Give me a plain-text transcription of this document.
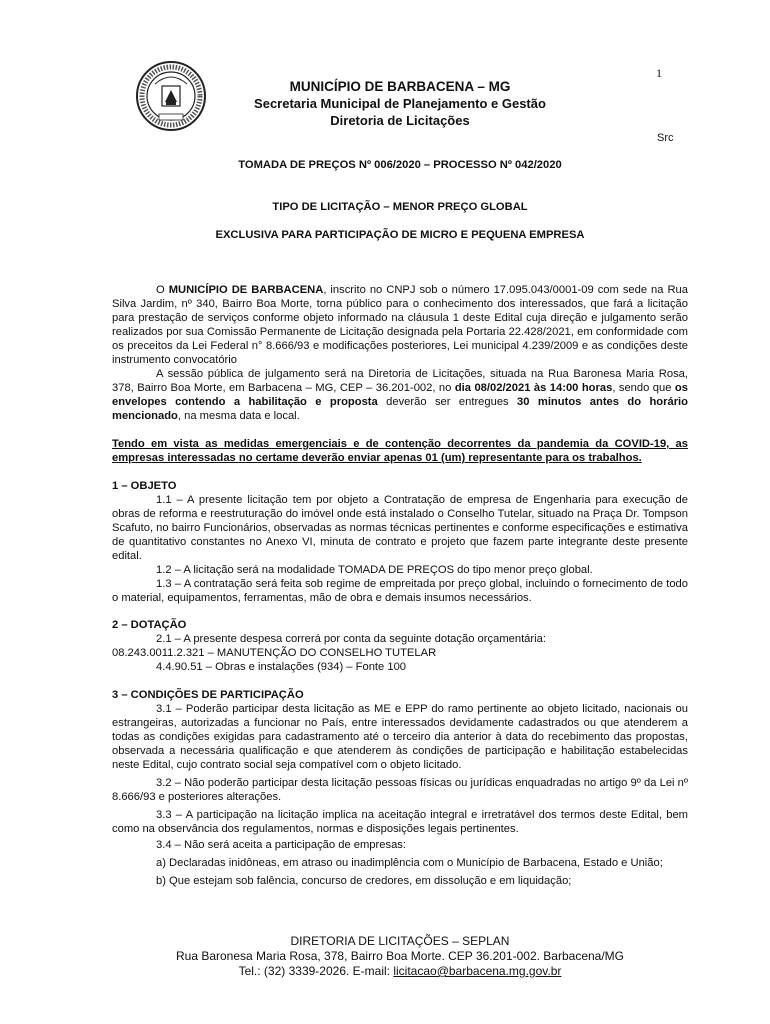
1
MUNICÍPIO DE BARBACENA – MG
Secretaria Municipal de Planejamento e Gestão
Diretoria de Licitações
Src
TOMADA DE PREÇOS Nº 006/2020 – PROCESSO Nº 042/2020
TIPO DE LICITAÇÃO – MENOR PREÇO GLOBAL
EXCLUSIVA PARA PARTICIPAÇÃO DE MICRO E PEQUENA EMPRESA

O MUNICÍPIO DE BARBACENA, inscrito no CNPJ sob o número 17.095.043/0001-09 com sede na Rua Silva Jardim, nº 340, Bairro Boa Morte, torna público para o conhecimento dos interessados, que fará a licitação para prestação de serviços conforme objeto informado na cláusula 1 deste Edital cuja direção e julgamento serão realizados por sua Comissão Permanente de Licitação designada pela Portaria 22.428/2021, em conformidade com os preceitos da Lei Federal n° 8.666/93 e modificações posteriores, Lei municipal 4.239/2009 e as condições deste instrumento convocatório

A sessão pública de julgamento será na Diretoria de Licitações, situada na Rua Baronesa Maria Rosa, 378, Bairro Boa Morte, em Barbacena – MG, CEP – 36.201-002, no dia 08/02/2021 às 14:00 horas, sendo que os envelopes contendo a habilitação e proposta deverão ser entregues 30 minutos antes do horário mencionado, na mesma data e local.

Tendo em vista as medidas emergenciais e de contenção decorrentes da pandemia da COVID-19, as empresas interessadas no certame deverão enviar apenas 01 (um) representante para os trabalhos.

1 – OBJETO

1.1 – A presente licitação tem por objeto a Contratação de empresa de Engenharia para execução de obras de reforma e reestruturação do imóvel onde está instalado o Conselho Tutelar, situado na Praça Dr. Tompson Scafuto, no bairro Funcionários, observadas as normas técnicas pertinentes e conforme especificações e estimativa de quantitativo constantes no Anexo VI, minuta de contrato e projeto que fazem parte integrante deste presente edital.

1.2 – A licitação será na modalidade TOMADA DE PREÇOS do tipo menor preço global.

1.3 – A contratação será feita sob regime de empreitada por preço global, incluindo o fornecimento de todo o material, equipamentos, ferramentas, mão de obra e demais insumos necessários.

2 – DOTAÇÃO

2.1 – A presente despesa correrá por conta da seguinte dotação orçamentária:

08.243.0011.2.321 – MANUTENÇÃO DO CONSELHO TUTELAR

4.4.90.51 – Obras e instalações (934) – Fonte 100

3 – CONDIÇÕES DE PARTICIPAÇÃO

3.1 – Poderão participar desta licitação as ME e EPP do ramo pertinente ao objeto licitado, nacionais ou estrangeiras, autorizadas a funcionar no País, entre interessados devidamente cadastrados ou que atenderem a todas as condições exigidas para cadastramento até o terceiro dia anterior à data do recebimento das propostas, observada a necessária qualificação e que atenderem às condições de participação e habilitação estabelecidas neste Edital, cujo contrato social seja compatível com o objeto licitado.

3.2 – Não poderão participar desta licitação pessoas físicas ou jurídicas enquadradas no artigo 9º da Lei nº 8.666/93 e posteriores alterações.

3.3 – A participação na licitação implica na aceitação integral e irretratável dos termos deste Edital, bem como na observância dos regulamentos, normas e disposições legais pertinentes.

3.4 – Não será aceita a participação de empresas:

a) Declaradas inidôneas, em atraso ou inadimplência com o Município de Barbacena, Estado e União;

b) Que estejam sob falência, concurso de credores, em dissolução e em liquidação;

DIRETORIA DE LICITAÇÕES – SEPLAN
Rua Baronesa Maria Rosa, 378, Bairro Boa Morte. CEP 36.201-002. Barbacena/MG
Tel.: (32) 3339-2026. E-mail: licitacao@barbacena.mg.gov.br
